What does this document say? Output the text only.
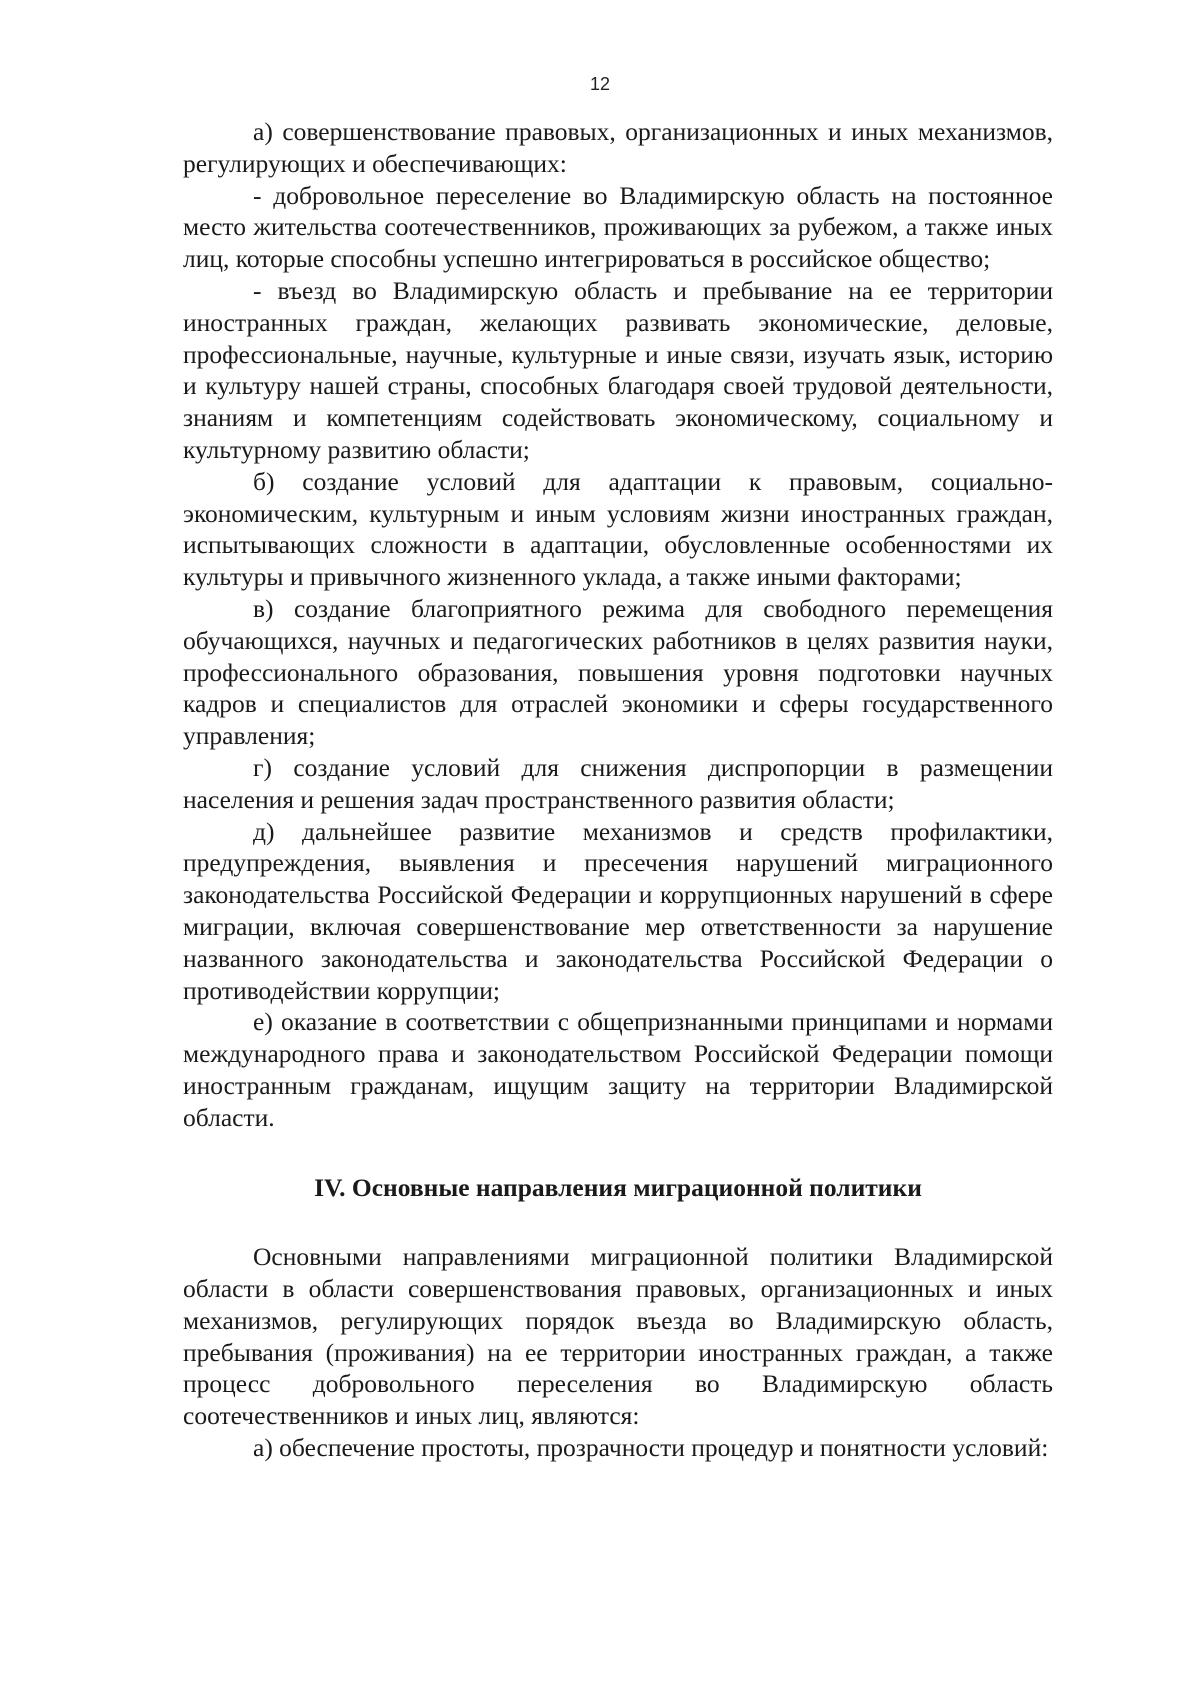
12

а) совершенствование правовых, организационных и иных механизмов, регулирующих и обеспечивающих:

- добровольное переселение во Владимирскую область на постоянное место жительства соотечественников, проживающих за рубежом, а также иных лиц, которые способны успешно интегрироваться в российское общество;

- въезд во Владимирскую область и пребывание на ее территории иностранных граждан, желающих развивать экономические, деловые, профессиональные, научные, культурные и иные связи, изучать язык, историю и культуру нашей страны, способных благодаря своей трудовой деятельности, знаниям и компетенциям содействовать экономическому, социальному и культурному развитию области;

б) создание условий для адаптации к правовым, социально-экономическим, культурным и иным условиям жизни иностранных граждан, испытывающих сложности в адаптации, обусловленные особенностями их культуры и привычного жизненного уклада, а также иными факторами;

в) создание благоприятного режима для свободного перемещения обучающихся, научных и педагогических работников в целях развития науки, профессионального образования, повышения уровня подготовки научных кадров и специалистов для отраслей экономики и сферы государственного управления;

г) создание условий для снижения диспропорции в размещении населения и решения задач пространственного развития области;

д) дальнейшее развитие механизмов и средств профилактики, предупреждения, выявления и пресечения нарушений миграционного законодательства Российской Федерации и коррупционных нарушений в сфере миграции, включая совершенствование мер ответственности за нарушение названного законодательства и законодательства Российской Федерации о противодействии коррупции;

е) оказание в соответствии с общепризнанными принципами и нормами международного права и законодательством Российской Федерации помощи иностранным гражданам, ищущим защиту на территории Владимирской области.

IV. Основные направления миграционной политики

Основными направлениями миграционной политики Владимирской области в области совершенствования правовых, организационных и иных механизмов, регулирующих порядок въезда во Владимирскую область, пребывания (проживания) на ее территории иностранных граждан, а также процесс добровольного переселения во Владимирскую область соотечественников и иных лиц, являются:

а) обеспечение простоты, прозрачности процедур и понятности условий:
